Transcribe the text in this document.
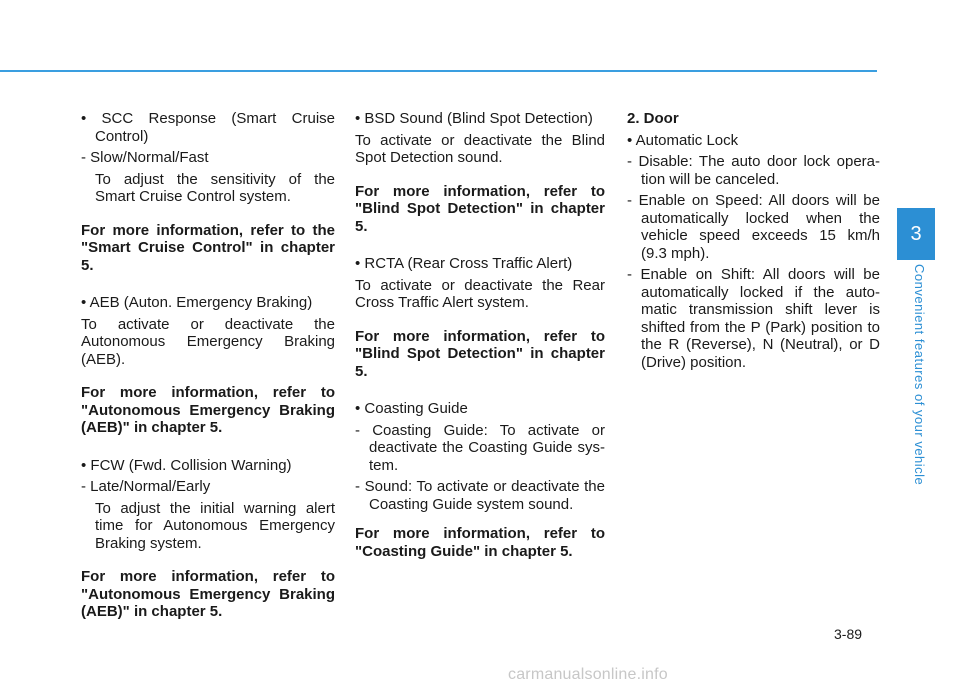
• SCC Response (Smart Cruise Control)

- Slow/Normal/Fast

To adjust the sensitivity of the Smart Cruise Control system.

For more information, refer to the "Smart Cruise Control" in chapter 5.

• AEB (Auton. Emergency Braking)

To activate or deactivate the Autonomous Emergency Braking (AEB).

For more information, refer to "Autonomous Emergency Braking (AEB)" in chapter 5.

• FCW (Fwd. Collision Warning)

- Late/Normal/Early

To adjust the initial warning alert time for Autonomous Emergency Braking system.

For more information, refer to "Autonomous Emergency Braking (AEB)" in chapter 5.

• BSD Sound (Blind Spot Detection)

To activate or deactivate the Blind Spot Detection sound.

For more information, refer to "Blind Spot Detection" in chapter 5.

• RCTA (Rear Cross Traffic Alert)

To activate or deactivate the Rear Cross Traffic Alert system.

For more information, refer to "Blind Spot Detection" in chapter 5.

• Coasting Guide

- Coasting Guide: To activate or deactivate the Coasting Guide sys- tem.

- Sound: To activate or deactivate the Coasting Guide system sound.

For more information, refer to "Coasting Guide" in chapter 5.

2. Door

• Automatic Lock

- Disable: The auto door lock opera- tion will be canceled.

- Enable on Speed: All doors will be automatically locked when the vehicle speed exceeds 15 km/h (9.3 mph).

- Enable on Shift: All doors will be automatically locked if the auto- matic transmission shift lever is shifted from the P (Park) position to the R (Reverse), N (Neutral), or D (Drive) position.

3
Convenient features of your vehicle
3-89
carmanualsonline.info
